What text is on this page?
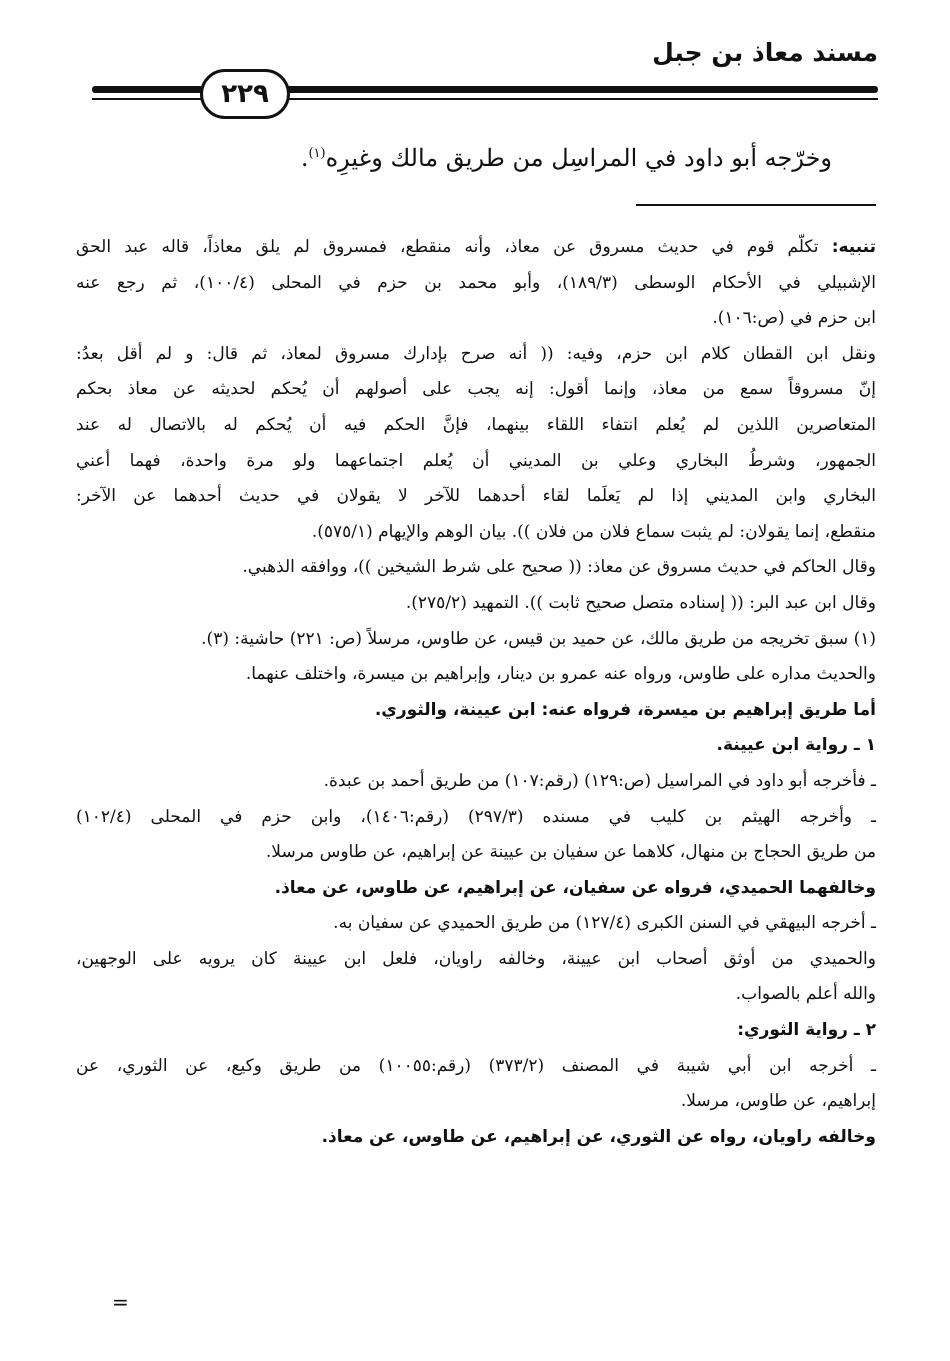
مسند معاذ بن جبل
٢٢٩
وخرّجه أبو داود في المراسِل من طريق مالك وغيرِه$^{(١)}$.

تنبيه: تكلّم قوم في حديث مسروق عن معاذ، وأنه منقطع، فمسروق لم يلق معاذاً، قاله عبد الحق

الإشبيلي في الأحكام الوسطى (١٨٩/٣)، وأبو محمد بن حزم في المحلى (١٠٠/٤)، ثم رجع عنه

ابن حزم في (ص:١٠٦).

ونقل ابن القطان كلام ابن حزم، وفيه: (( أنه صرح بإدارك مسروق لمعاذ، ثم قال: و لم أقل بعدُ:

إنّ مسروقاً سمع من معاذ، وإنما أقول: إنه يجب على أصولهم أن يُحكم لحديثه عن معاذ بحكم

المتعاصرين اللذين لم يُعلم انتفاء اللقاء بينهما، فإنَّ الحكم فيه أن يُحكم له بالاتصال له عند

الجمهور، وشرطُ البخاري وعلي بن المديني أن يُعلم اجتماعهما ولو مرة واحدة، فهما أعني

البخاري وابن المديني إذا لم يَعلَما لقاء أحدهما للآخر لا يقولان في حديث أحدهما عن الآخر:

منقطع، إنما يقولان: لم يثبت سماع فلان من فلان )). بيان الوهم والإيهام (٥٧٥/١).

وقال الحاكم في حديث مسروق عن معاذ: (( صحيح على شرط الشيخين ))، ووافقه الذهبي.

وقال ابن عبد البر: (( إسناده متصل صحيح ثابت )). التمهيد (٢٧٥/٢).

(١) سبق تخريجه من طريق مالك، عن حميد بن قيس، عن طاوس، مرسلاً (ص: ٢٢١) حاشية: (٣).

والحديث مداره على طاوس، ورواه عنه عمرو بن دينار، وإبراهيم بن ميسرة، واختلف عنهما.

أما طريق إبراهيم بن ميسرة، فرواه عنه: ابن عيينة، والثوري.

١ ـ رواية ابن عيينة.

ـ فأخرجه أبو داود في المراسيل (ص:١٢٩) (رقم:١٠٧) من طريق أحمد بن عبدة.

ـ وأخرجه الهيثم بن كليب في مسنده (٢٩٧/٣) (رقم:١٤٠٦)، وابن حزم في المحلى (١٠٢/٤)

من طريق الحجاج بن منهال، كلاهما عن سفيان بن عيينة عن إبراهيم، عن طاوس مرسلا.

وخالفهما الحميدي، فرواه عن سفيان، عن إبراهيم، عن طاوس، عن معاذ.

ـ أخرجه البيهقي في السنن الكبرى (١٢٧/٤) من طريق الحميدي عن سفيان به.

والحميدي من أوثق أصحاب ابن عيينة، وخالفه راويان، فلعل ابن عيينة كان يرويه على الوجهين،

والله أعلم بالصواب.

٢ ـ رواية الثوري:

ـ أخرجه ابن أبي شيبة في المصنف (٣٧٣/٢) (رقم:١٠٠٥٥) من طريق وكيع، عن الثوري، عن

إبراهيم، عن طاوس، مرسلا.

وخالفه راويان، رواه عن الثوري، عن إبراهيم، عن طاوس، عن معاذ.

=
